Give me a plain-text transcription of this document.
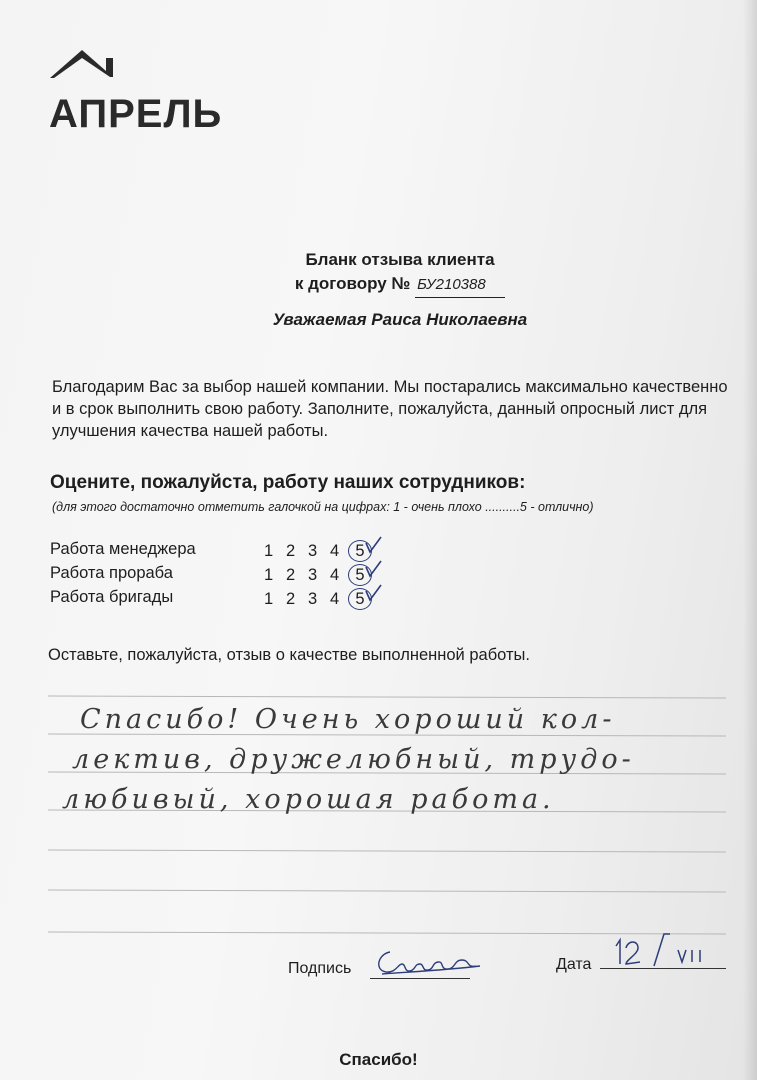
АПРЕЛЬ
Бланк отзыва клиента
к договору № БУ210388
Уважаемая Раиса Николаевна
Благодарим Вас за выбор нашей компании. Мы постарались максимально качественно и в срок выполнить свою работу. Заполните, пожалуйста, данный опросный лист для улучшения качества нашей работы.
Оцените, пожалуйста, работу наших сотрудников:
(для этого достаточно отметить галочкой на цифрах: 1 - очень плохо ..........5 - отлично)
Работа менеджера	1 2 3 4 5
Работа прораба	1 2 3 4 5
Работа бригады	1 2 3 4 5
Оставьте, пожалуйста, отзыв о качестве выполненной работы.
Спасибо! Очень хороший кол-
лектив, дружелюбный, трудо-
любивый, хорошая работа.
Подпись	Дата
Спасибо!
